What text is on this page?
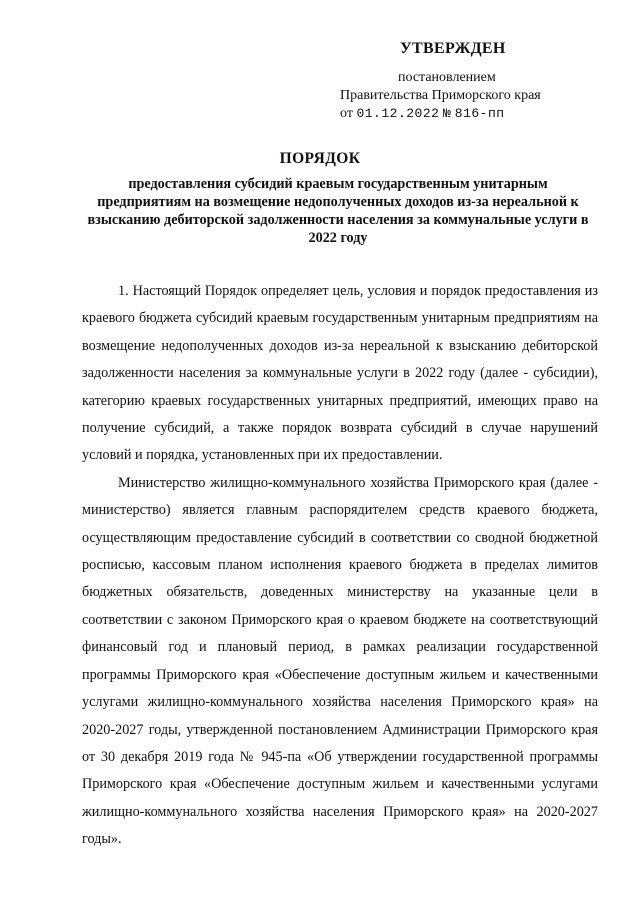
УТВЕРЖДЕН
постановлением
Правительства Приморского края
от 01.12.2022 № 816-пп
ПОРЯДОК
предоставления субсидий краевым государственным унитарным предприятиям на возмещение недополученных доходов из-за нереальной к взысканию дебиторской задолженности населения за коммунальные услуги в 2022 году

1. Настоящий Порядок определяет цель, условия и порядок предоставления из краевого бюджета субсидий краевым государственным унитарным предприятиям на возмещение недополученных доходов из-за нереальной к взысканию дебиторской задолженности населения за коммунальные услуги в 2022 году (далее - субсидии), категорию краевых государственных унитарных предприятий, имеющих право на получение субсидий, а также порядок возврата субсидий в случае нарушений условий и порядка, установленных при их предоставлении.

Министерство жилищно-коммунального хозяйства Приморского края (далее - министерство) является главным распорядителем средств краевого бюджета, осуществляющим предоставление субсидий в соответствии со сводной бюджетной росписью, кассовым планом исполнения краевого бюджета в пределах лимитов бюджетных обязательств, доведенных министерству на указанные цели в соответствии с законом Приморского края о краевом бюджете на соответствующий финансовый год и плановый период, в рамках реализации государственной программы Приморского края «Обеспечение доступным жильем и качественными услугами жилищно-коммунального хозяйства населения Приморского края» на 2020-2027 годы, утвержденной постановлением Администрации Приморского края от 30 декабря 2019 года № 945-па «Об утверждении государственной программы Приморского края «Обеспечение доступным жильем и качественными услугами жилищно-коммунального хозяйства населения Приморского края» на 2020-2027 годы».
